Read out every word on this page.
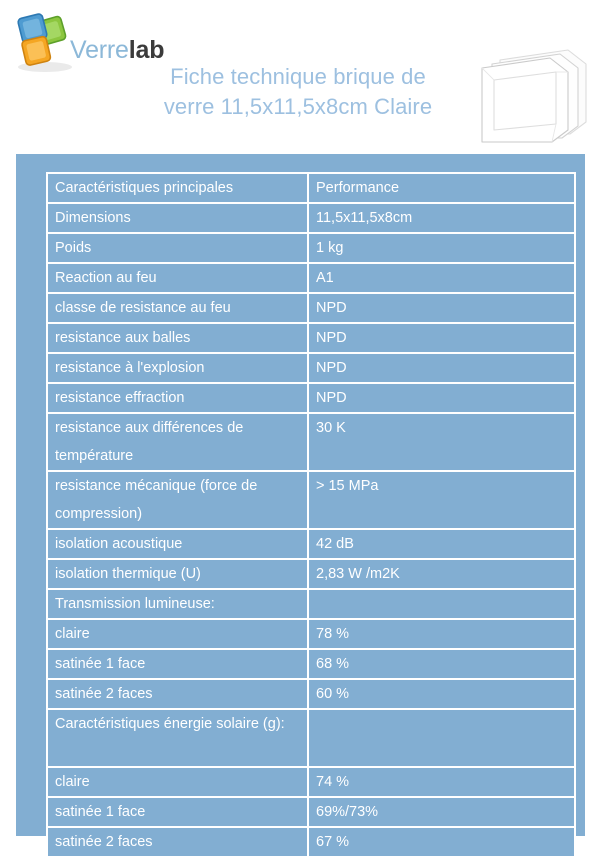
Verrelab
Fiche technique brique de
verre 11,5x11,5x8cm Claire
Caractéristiques principales	Performance
Dimensions	11,5x11,5x8cm
Poids	1 kg
Reaction au feu	A1
classe de resistance au feu	NPD
resistance aux balles	NPD
resistance à l'explosion	NPD
resistance effraction	NPD
resistance aux différences de température	30 K
resistance mécanique (force de compression)	> 15 MPa
isolation acoustique	42 dB
isolation thermique (U)	2,83 W /m2K
Transmission lumineuse:	
claire	78 %
satinée 1 face	68 %
satinée 2 faces	60 %
Caractéristiques énergie solaire (g):	
claire	74 %
satinée 1 face	69%/73%
satinée 2 faces	67 %
